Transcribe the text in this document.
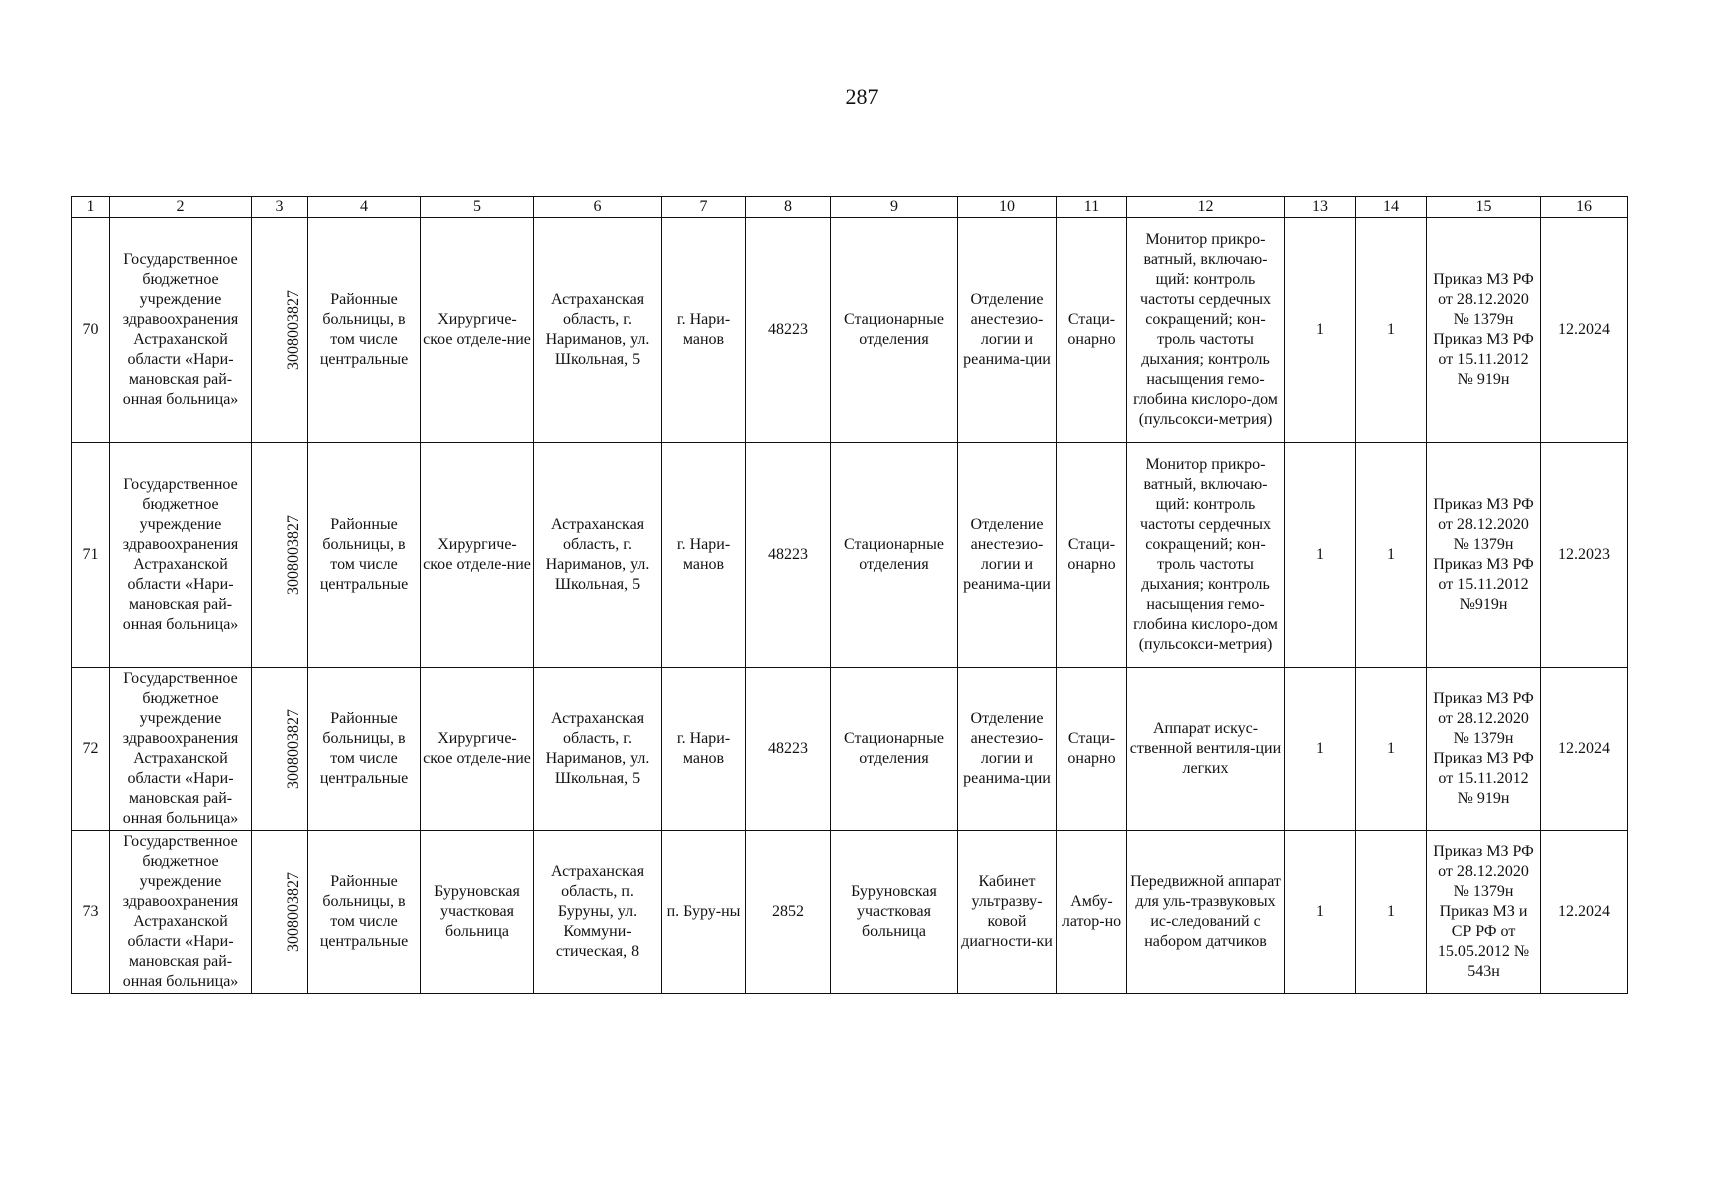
287
1	2	3	4	5	6	7	8	9	10	11	12	13	14	15	16
70	Государственное бюджетное учреждение здравоохранения Астраханской области «Нари-мановская рай-онная больница»	3008003827	Районные больницы, в том числе центральные	Хирургиче-ское отделе-ние	Астраханская область, г. Нариманов, ул. Школьная, 5	г. Нари-манов	48223	Стационарные отделения	Отделение анестезио-логии и реанима-ции	Стаци-онарно	Монитор прикро-ватный, включаю-щий: контроль частоты сердечных сокращений; кон-троль частоты дыхания; контроль насыщения гемо-глобина кислоро-дом (пульсокси-метрия)	1	1	Приказ МЗ РФ от 28.12.2020 № 1379н Приказ МЗ РФ от 15.11.2012 № 919н	12.2024
71	Государственное бюджетное учреждение здравоохранения Астраханской области «Нари-мановская рай-онная больница»	3008003827	Районные больницы, в том числе центральные	Хирургиче-ское отделе-ние	Астраханская область, г. Нариманов, ул. Школьная, 5	г. Нари-манов	48223	Стационарные отделения	Отделение анестезио-логии и реанима-ции	Стаци-онарно	Монитор прикро-ватный, включаю-щий: контроль частоты сердечных сокращений; кон-троль частоты дыхания; контроль насыщения гемо-глобина кислоро-дом (пульсокси-метрия)	1	1	Приказ МЗ РФ от 28.12.2020 № 1379н Приказ МЗ РФ от 15.11.2012 №919н	12.2023
72	Государственное бюджетное учреждение здравоохранения Астраханской области «Нари-мановская рай-онная больница»	3008003827	Районные больницы, в том числе центральные	Хирургиче-ское отделе-ние	Астраханская область, г. Нариманов, ул. Школьная, 5	г. Нари-манов	48223	Стационарные отделения	Отделение анестезио-логии и реанима-ции	Стаци-онарно	Аппарат искус-ственной вентиля-ции легких	1	1	Приказ МЗ РФ от 28.12.2020 № 1379н Приказ МЗ РФ от 15.11.2012 № 919н	12.2024
73	Государственное бюджетное учреждение здравоохранения Астраханской области «Нари-мановская рай-онная больница»	3008003827	Районные больницы, в том числе центральные	Буруновская участковая больница	Астраханская область, п. Буруны, ул. Коммуни-стическая, 8	п. Буру-ны	2852	Буруновская участковая больница	Кабинет ультразву-ковой диагности-ки	Амбу-латор-но	Передвижной аппарат для уль-тразвуковых ис-следований с набором датчиков	1	1	Приказ МЗ РФ от 28.12.2020 № 1379н Приказ МЗ и СР РФ от 15.05.2012 № 543н	12.2024
